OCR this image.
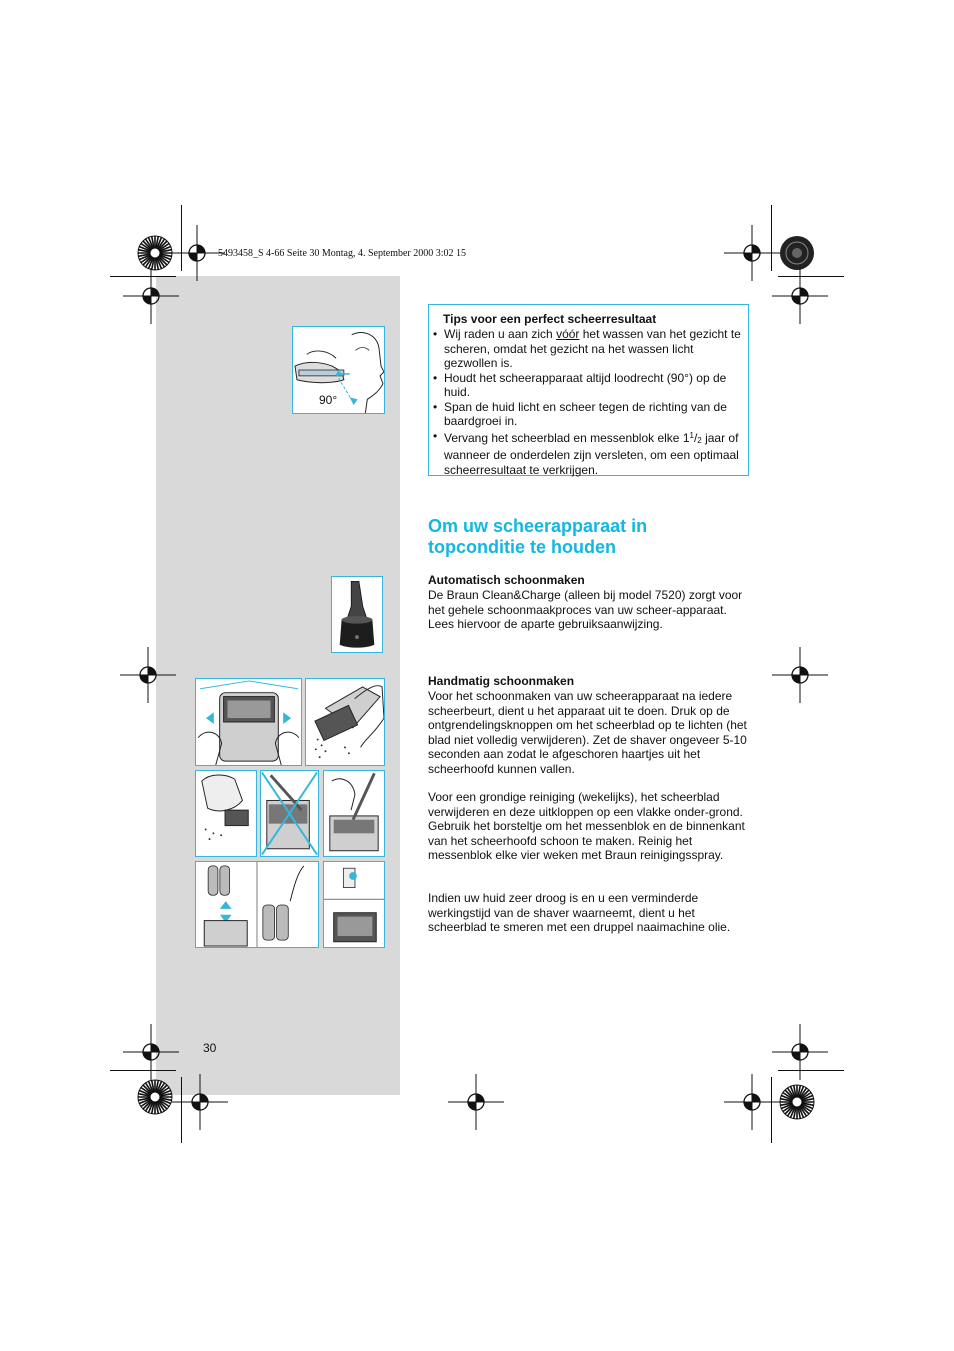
5493458_S 4-66 Seite 30 Montag, 4. September 2000 3:02 15
Tips voor een perfect scheerresultaat
• Wij raden u aan zich vóór het wassen van het gezicht te scheren, omdat het gezicht na het wassen licht gezwollen is.
• Houdt het scheerapparaat altijd loodrecht (90°) op de huid.
• Span de huid licht en scheer tegen de richting van de baardgroei in.
• Vervang het scheerblad en messenblok elke $1^1/_2$ jaar of wanneer de onderdelen zijn versleten, om een optimaal scheerresultaat te verkrijgen.
90°
Om uw scheerapparaat in topconditie te houden
Automatisch schoonmaken
De Braun Clean&Charge (alleen bij model 7520) zorgt voor het gehele schoonmaakproces van uw scheer-apparaat. Lees hiervoor de aparte gebruiksaanwijzing.
Handmatig schoonmaken
Voor het schoonmaken van uw scheerapparaat na iedere scheerbeurt, dient u het apparaat uit te doen. Druk op de ontgrendelingsknoppen om het scheerblad op te lichten (het blad niet volledig verwijderen). Zet de shaver ongeveer 5-10 seconden aan zodat le afgeschoren haartjes uit het scheerhoofd kunnen vallen.
Voor een grondige reiniging (wekelijks), het scheerblad verwijderen en deze uitkloppen op een vlakke onder-grond. Gebruik het borsteltje om het messenblok en de binnenkant van het scheerhoofd schoon te maken. Reinig het messenblok elke vier weken met Braun reinigingsspray.
Indien uw huid zeer droog is en u een verminderde werkingstijd van de shaver waarneemt, dient u het scheerblad te smeren met een druppel naaimachine olie.
30
